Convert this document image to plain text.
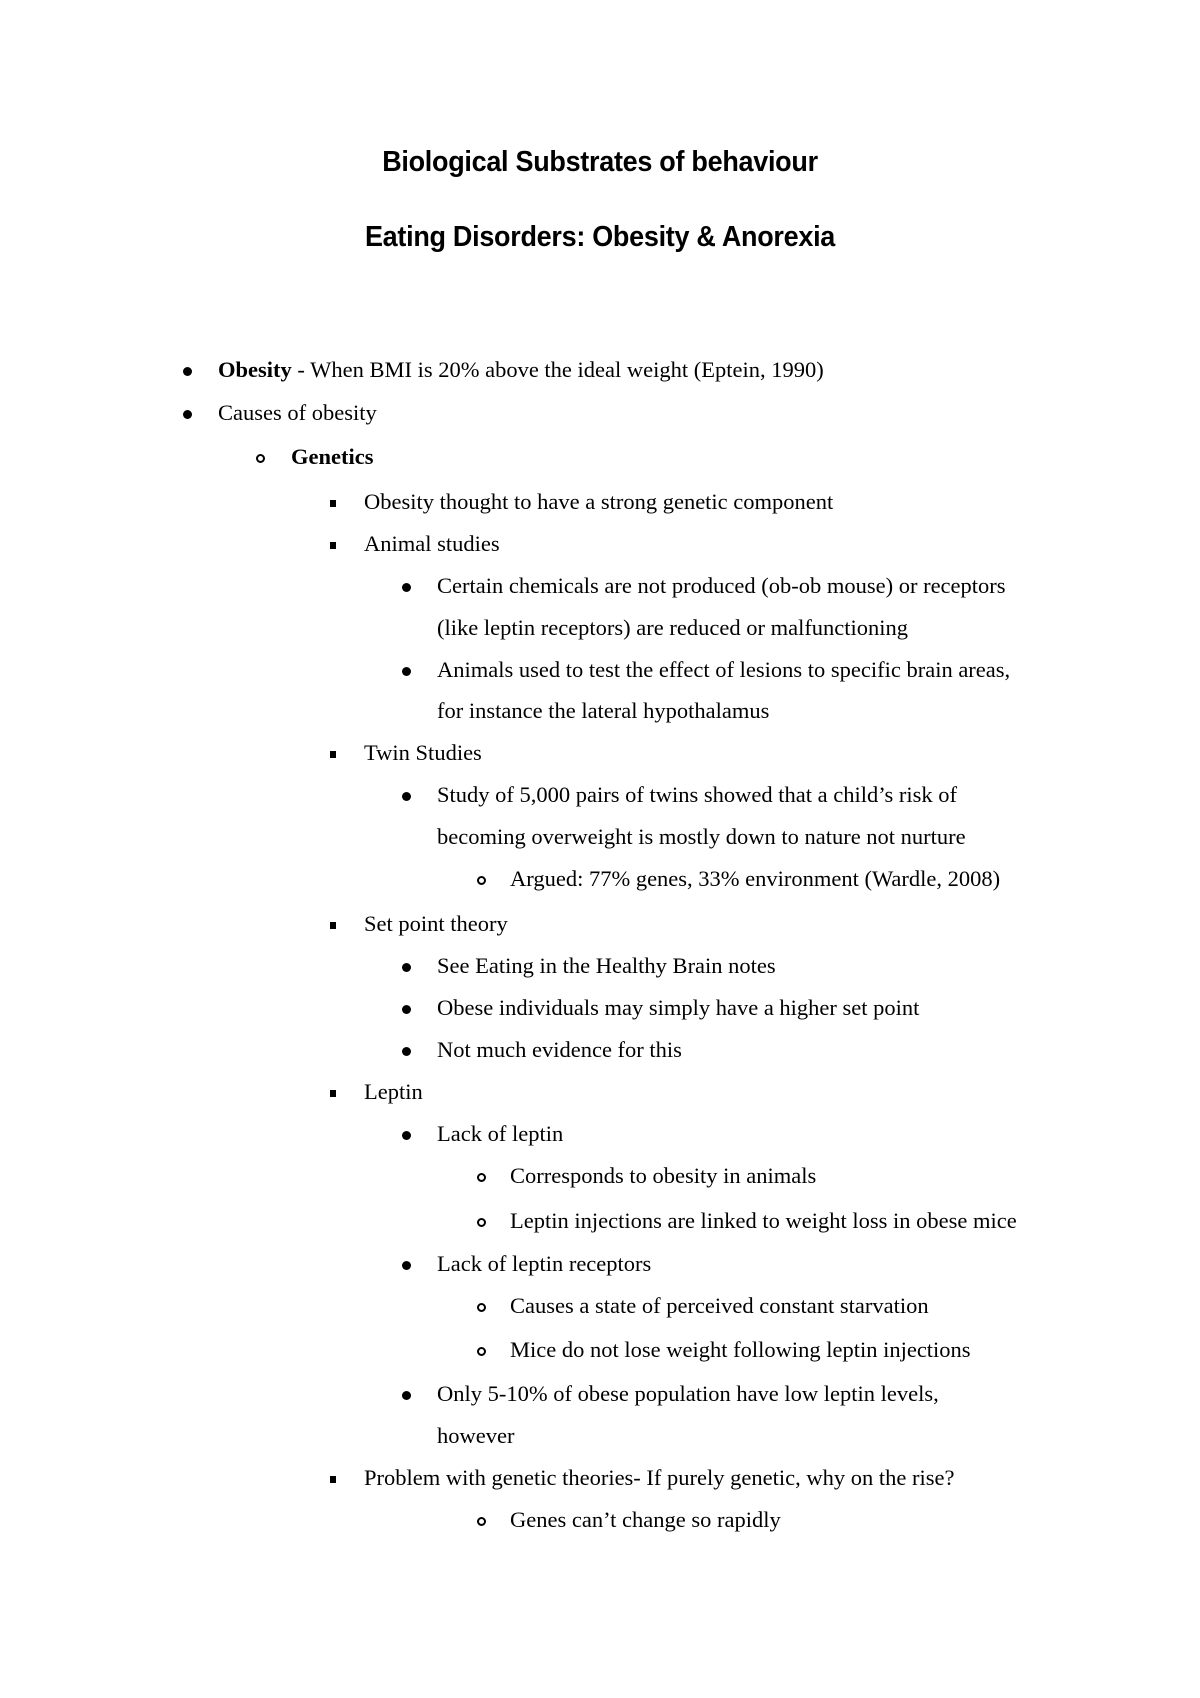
Biological Substrates of behaviour
Eating Disorders: Obesity & Anorexia
Obesity - When BMI is 20% above the ideal weight (Eptein, 1990)
Causes of obesity
Genetics
Obesity thought to have a strong genetic component
Animal studies
Certain chemicals are not produced (ob-ob mouse) or receptors
(like leptin receptors) are reduced or malfunctioning
Animals used to test the effect of lesions to specific brain areas,
for instance the lateral hypothalamus
Twin Studies
Study of 5,000 pairs of twins showed that a child’s risk of
becoming overweight is mostly down to nature not nurture
Argued: 77% genes, 33% environment (Wardle, 2008)
Set point theory
See Eating in the Healthy Brain notes
Obese individuals may simply have a higher set point
Not much evidence for this
Leptin
Lack of leptin
Corresponds to obesity in animals
Leptin injections are linked to weight loss in obese mice
Lack of leptin receptors
Causes a state of perceived constant starvation
Mice do not lose weight following leptin injections
Only 5-10% of obese population have low leptin levels,
however
Problem with genetic theories- If purely genetic, why on the rise?
Genes can’t change so rapidly
